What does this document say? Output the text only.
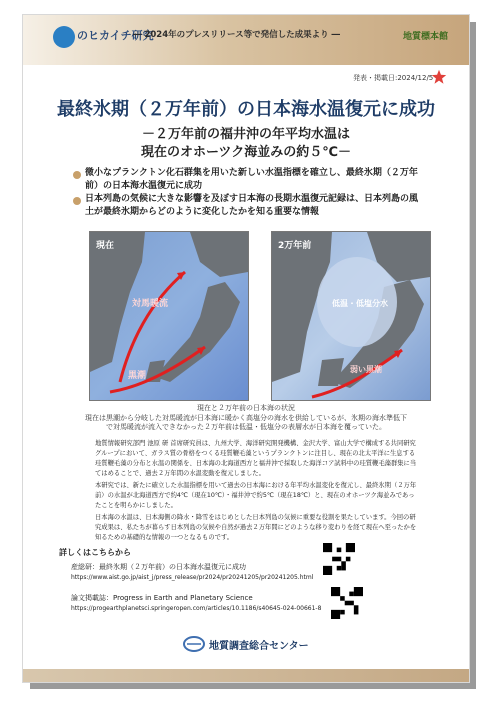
のヒカイチ研究
― 2024年のプレスリリース等で発信した成果より ―	地質標本館
発表・掲載日:2024/12/5
最終氷期（２万年前）の日本海水温復元に成功
－２万年前の福井沖の年平均水温は
現在のオホーツク海並みの約５℃－
微小なプランクトン化石群集を用いた新しい水温指標を確立し、最終氷期（２万年前）の日本海水温復元に成功
日本列島の気候に大きな影響を及ぼす日本海の長期水温復元記録は、日本列島の風土が最終氷期からどのように変化したかを知る重要な情報
現在
対馬暖流
黒潮
2万年前
低温・低塩分水
弱い黒潮
現在と２万年前の日本海の状況
現在は黒潮から分岐した対馬暖流が日本海に暖かく高塩分の海水を供給しているが、氷期の海水準低下
で対馬暖流が流入できなかった２万年前は低温・低塩分の表層水が日本海を覆っていた。

地質情報研究部門 池原 研 首席研究員は、九州大学、海洋研究開発機構、金沢大学、富山大学で構成する共同研究グループにおいて、ガラス質の骨格をつくる珪質鞭毛藻というプランクトンに注目し、現在の北太平洋に生息する珪質鞭毛藻の分布と水温の関係を、日本海の北海道西方と福井沖で採取した海洋コア試料中の珪質鞭毛藻群集に当てはめることで、過去２万年間の水温変動を復元しました。

本研究では、新たに確立した水温指標を用いて過去の日本海における年平均水温変化を復元し、最終氷期（２万年前）の水温が北海道西方で約4℃（現在10℃）・福井沖で約5℃（現在18℃）と、現在のオホーツク海並みであったことを明らかにしました。

日本海の水温は、日本海側の降水・降雪をはじめとした日本列島の気候に重要な役割を果たしています。今回の研究成果は、私たちが暮らす日本列島の気候や自然が過去２万年間にどのような移り変わりを経て現在へ至ったかを知るための基礎的な情報の一つとなるものです。

詳しくはこちらから
産総研：最終氷期（２万年前）の日本海水温復元に成功
https://www.aist.go.jp/aist_j/press_release/pr2024/pr20241205/pr20241205.html
論文掲載誌：Progress in Earth and Planetary Science
https://progearthplanetsci.springeropen.com/articles/10.1186/s40645-024-00661-8
地質調査総合センター
